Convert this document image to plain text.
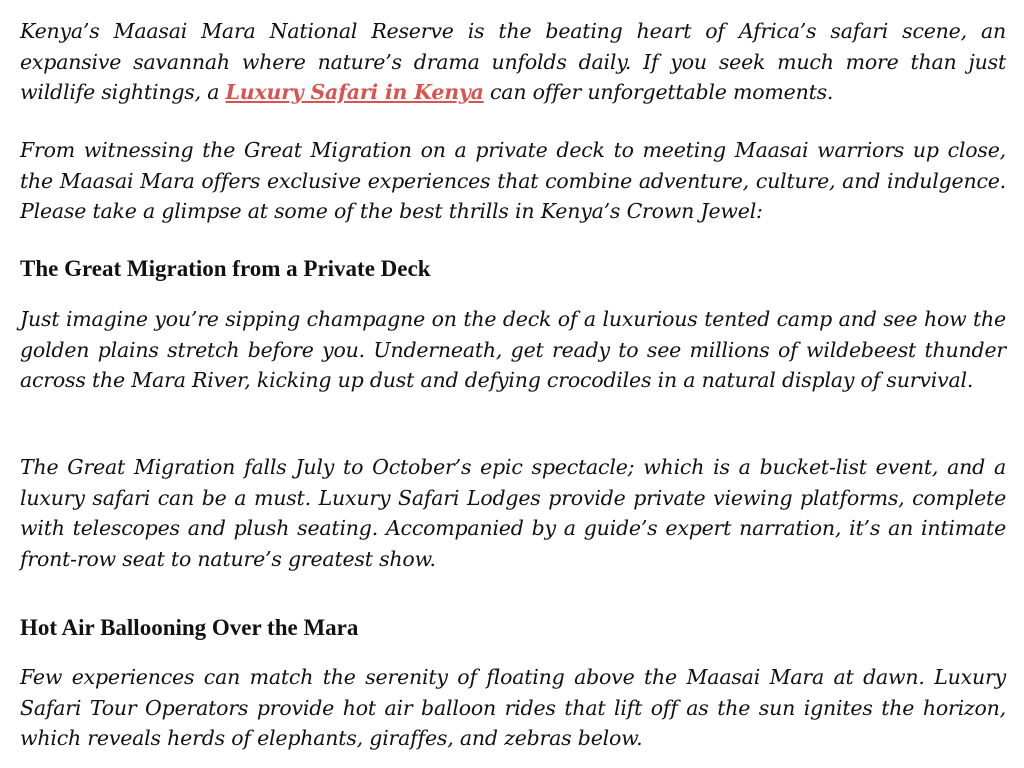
Kenya’s Maasai Mara National Reserve is the beating heart of Africa’s safari scene, an expansive savannah where nature’s drama unfolds daily. If you seek much more than just wildlife sightings, a Luxury Safari in Kenya can offer unforgettable moments.

From witnessing the Great Migration on a private deck to meeting Maasai warriors up close, the Maasai Mara offers exclusive experiences that combine adventure, culture, and indulgence. Please take a glimpse at some of the best thrills in Kenya’s Crown Jewel:

The Great Migration from a Private Deck

Just imagine you’re sipping champagne on the deck of a luxurious tented camp and see how the golden plains stretch before you. Underneath, get ready to see millions of wildebeest thunder across the Mara River, kicking up dust and defying crocodiles in a natural display of survival.

The Great Migration falls July to October’s epic spectacle; which is a bucket-list event, and a luxury safari can be a must. Luxury Safari Lodges provide private viewing platforms, complete with telescopes and plush seating. Accompanied by a guide’s expert narration, it’s an intimate front-row seat to nature’s greatest show.

Hot Air Ballooning Over the Mara

Few experiences can match the serenity of floating above the Maasai Mara at dawn. Luxury Safari Tour Operators provide hot air balloon rides that lift off as the sun ignites the horizon, which reveals herds of elephants, giraffes, and zebras below.
